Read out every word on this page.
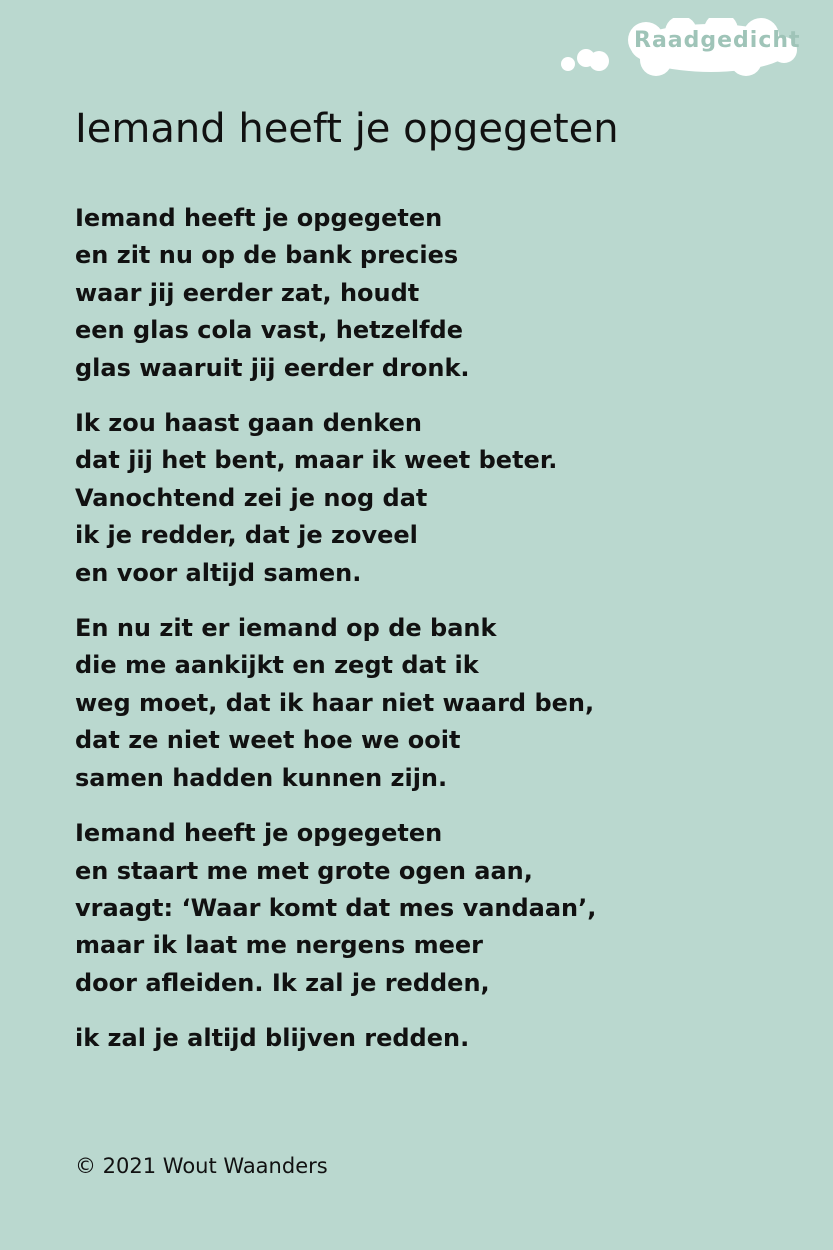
Raadgedicht
Iemand heeft je opgegeten

Iemand heeft je opgegeten
en zit nu op de bank precies
waar jij eerder zat, houdt
een glas cola vast, hetzelfde
glas waaruit jij eerder dronk.

Ik zou haast gaan denken
dat jij het bent, maar ik weet beter.
Vanochtend zei je nog dat
ik je redder, dat je zoveel
en voor altijd samen.

En nu zit er iemand op de bank
die me aankijkt en zegt dat ik
weg moet, dat ik haar niet waard ben,
dat ze niet weet hoe we ooit
samen hadden kunnen zijn.

Iemand heeft je opgegeten
en staart me met grote ogen aan,
vraagt: ‘Waar komt dat mes vandaan’,
maar ik laat me nergens meer
door afleiden. Ik zal je redden,

ik zal je altijd blijven redden.

© 2021 Wout Waanders
